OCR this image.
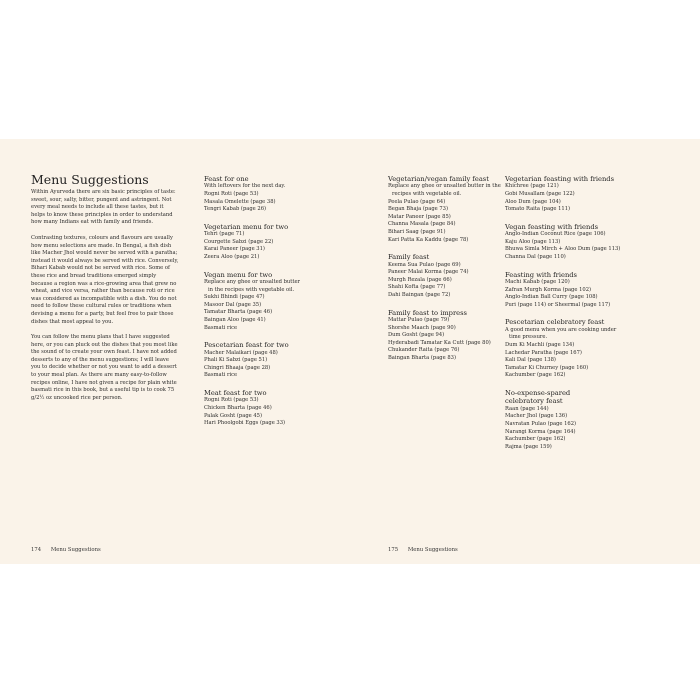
Menu Suggestions

Within Ayurveda there are six basic principles of taste: sweet, sour, salty, bitter, pungent and astringent. Not every meal needs to include all these tastes, but it helps to know these principles in order to understand how many Indians eat with family and friends.

Contrasting textures, colours and flavours are usually how menu selections are made. In Bengal, a fish dish like Macher Jhol would never be served with a paratha; instead it would always be served with rice. Conversely, Bihari Kabab would not be served with rice. Some of these rice and bread traditions emerged simply because a region was a rice-growing area that grew no wheat, and vice versa, rather than because roti or rice was considered as incompatible with a dish. You do not need to follow these cultural rules or traditions when devising a menu for a party, but feel free to pair those dishes that most appeal to you.

You can follow the menu plans that I have suggested here, or you can pluck out the dishes that you most like the sound of to create your own feast. I have not added desserts to any of the menu suggestions; I will leave you to decide whether or not you want to add a dessert to your meal plan. As there are many easy-to-follow recipes online, I have not given a recipe for plain white basmati rice in this book, but a useful tip is to cook 75 g/2½ oz uncooked rice per person.

Feast for one

With leftovers for the next day.

Rogni Roti (page 53)

Masala Omelette (page 38)

Tengri Kabab (page 26)

Vegetarian menu for two

Tehri (page 71)

Courgette Sabzi (page 22)

Karai Paneer (page 31)

Zeera Aloo (page 21)

Vegan menu for two

Replace any ghee or unsalted butter

in the recipes with vegetable oil.

Sukhi Bhindi (page 47)

Masoor Dal (page 35)

Tamatar Bharta (page 46)

Baingan Aloo (page 41)

Basmati rice

Pescetarian feast for two

Macher Malaikari (page 48)

Phali Ki Sabzi (page 51)

Chingri Bhaaja (page 28)

Basmati rice

Meat feast for two

Rogni Roti (page 53)

Chicken Bharta (page 46)

Palak Gosht (page 45)

Hari Phoolgobi Eggs (page 33)

Vegetarian/vegan family feast

Replace any ghee or unsalted butter in the

recipes with vegetable oil.

Peela Pulao (page 64)

Began Bhaja (page 73)

Matar Paneer (page 85)

Channa Masala (page 84)

Bihari Saag (page 91)

Kari Patta Ka Kaddu (page 78)

Family feast

Keema Sua Pulao (page 69)

Paneer Malai Korma (page 74)

Murgh Rezala (page 66)

Shahi Kofta (page 77)

Dahi Baingan (page 72)

Family feast to impress

Mattar Pulao (page 79)

Shorshe Maach (page 90)

Dum Gosht (page 94)

Hyderabadi Tamatar Ka Cutt (page 80)

Chukander Raita (page 76)

Baingan Bharta (page 83)

Vegetarian feasting with friends

Khichree (page 121)

Gobi Musallam (page 122)

Aloo Dum (page 104)

Tomato Raita (page 111)

Vegan feasting with friends

Anglo-Indian Coconut Rice (page 106)

Kaju Aloo (page 113)

Bhuwa Simla Mirch + Aloo Dum (page 113)

Channa Dal (page 110)

Feasting with friends

Machi Kabab (page 120)

Zafran Murgh Korma (page 102)

Anglo-Indian Ball Curry (page 108)

Puri (page 114) or Sheermal (page 117)

Pescetarian celebratory feast

A good menu when you are cooking under

time pressure.

Dum Ki Machli (page 134)

Lachedar Paratha (page 167)

Kali Dal (page 138)

Tamatar Ki Churney (page 160)

Kachumber (page 162)

No-expense-spared celebratory feast

Raan (page 144)

Macher Jhol (page 136)

Navratan Pulao (page 162)

Narangi Korma (page 164)

Kachumber (page 162)

Rajma (page 159)

174 Menu Suggestions	175 Menu Suggestions
